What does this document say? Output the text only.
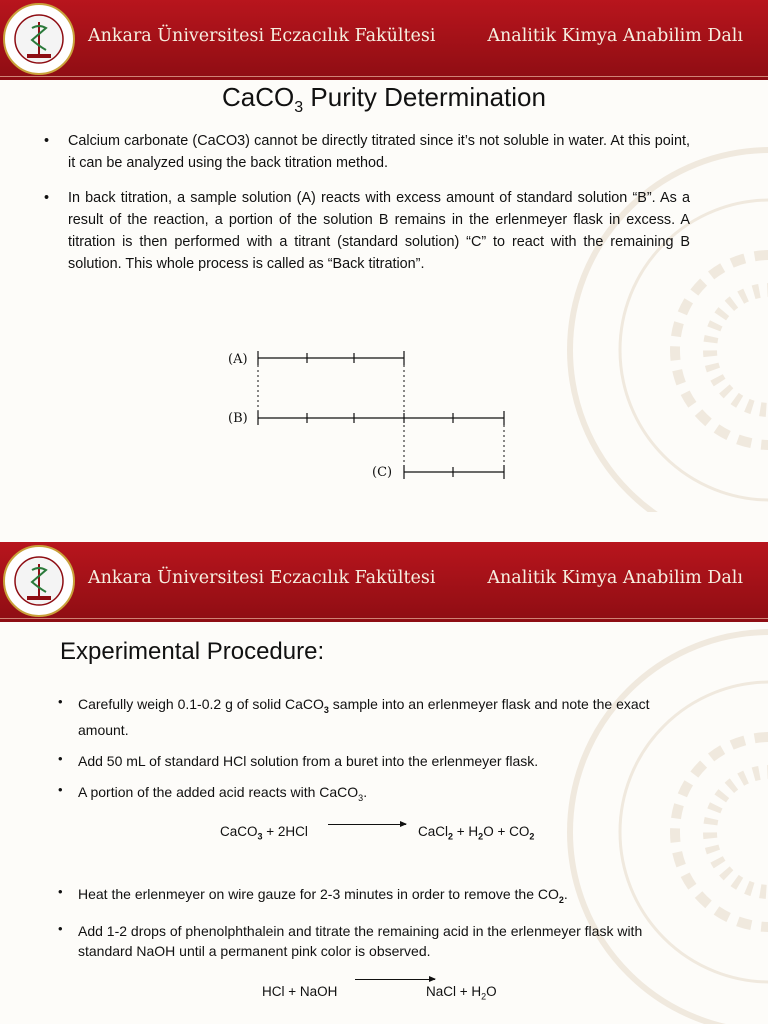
Ankara Üniversitesi Eczacılık Fakültesi	Analitik Kimya Anabilim Dalı
CaCO$_3$ Purity Determination
• Calcium carbonate (CaCO3) cannot be directly titrated since it’s not soluble in water. At this point, it can be analyzed using the back titration method.
• In back titration, a sample solution (A) reacts with excess amount of standard solution “B”. As a result of the reaction, a portion of the solution B remains in the erlenmeyer flask in excess. A titration is then performed with a titrant (standard solution) “C” to react with the remaining B solution. This whole process is called as “Back titration”.
(A)
(B)
(C)
Ankara Üniversitesi Eczacılık Fakültesi	Analitik Kimya Anabilim Dalı
Experimental Procedure:
• Carefully weigh 0.1-0.2 g of solid CaCO$_3$ sample into an erlenmeyer flask and note the exact amount.
• Add 50 mL of standard HCl solution from a buret into the erlenmeyer flask.
• A portion of the added acid reacts with CaCO$_3$.
CaCO$_3$ + 2HCl	CaCl$_2$ + $H_2O + CO_2$
• Heat the erlenmeyer on wire gauze for 2-3 minutes in order to remove the $CO_2$.
• Add 1-2 drops of phenolphthalein and titrate the remaining acid in the erlenmeyer flask with standard NaOH until a permanent pink color is observed.
HCl + NaOH	NaCl + $H_2O$
